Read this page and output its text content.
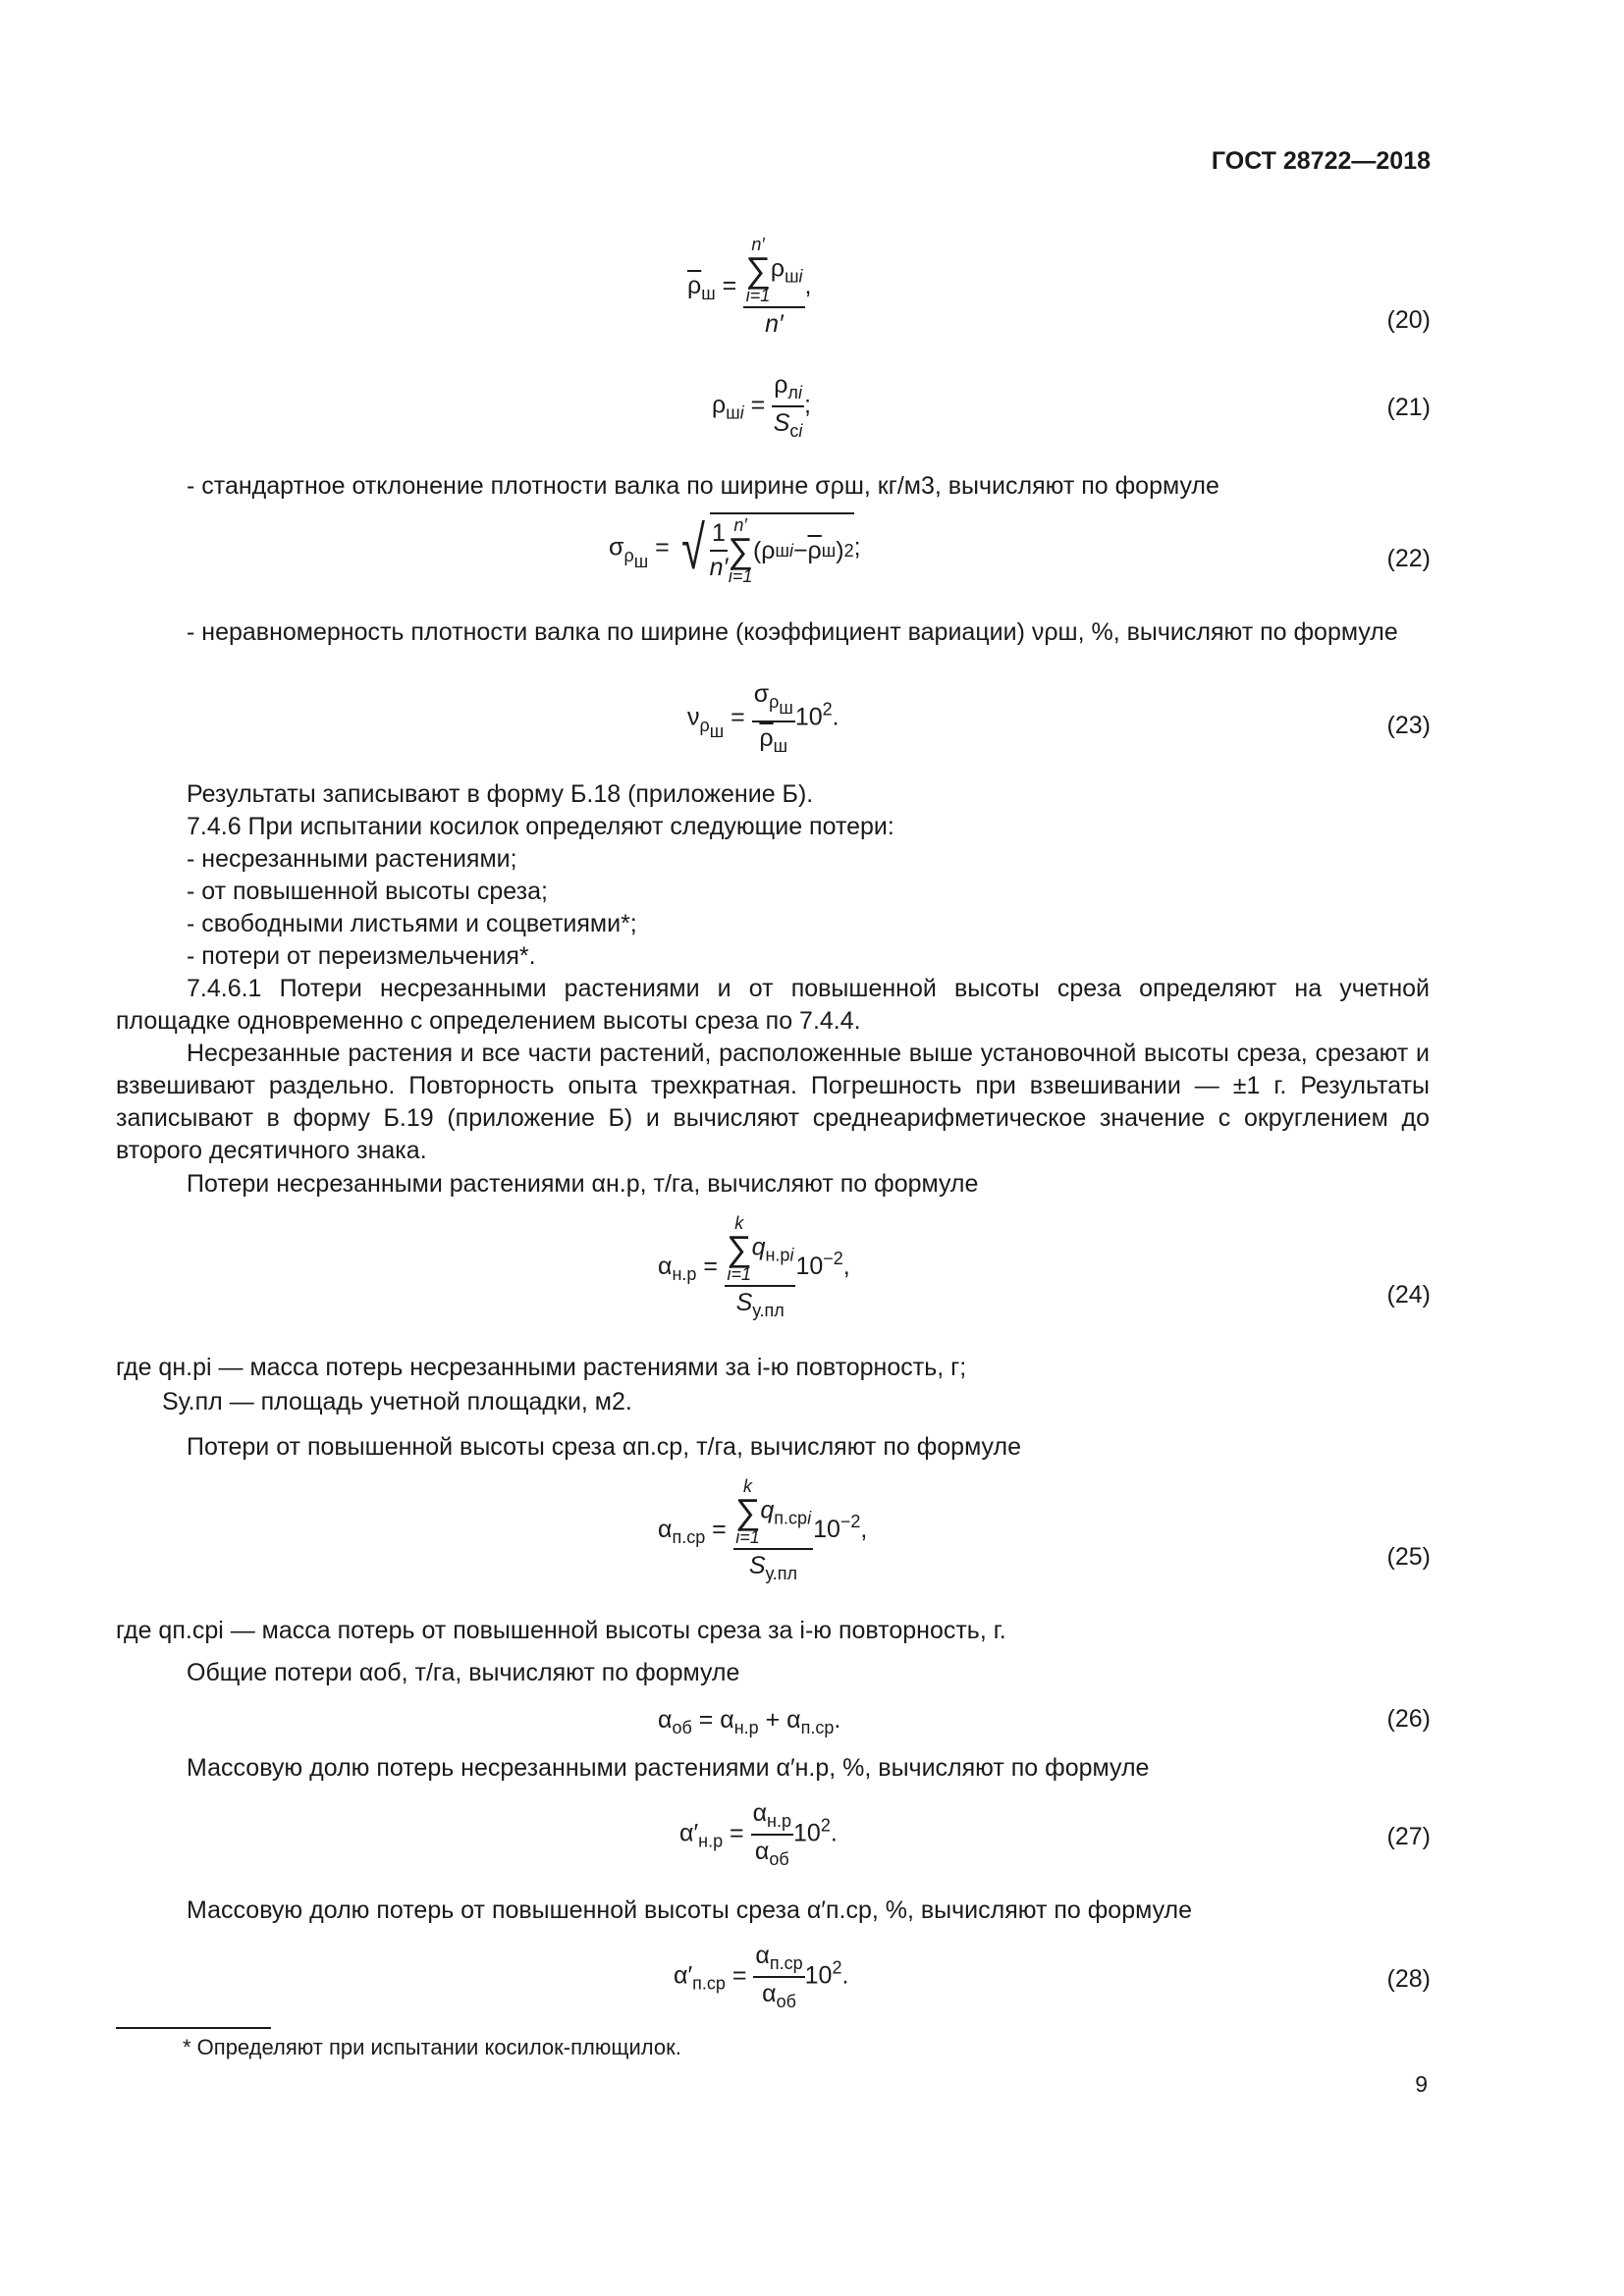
ГОСТ 28722—2018
$\overline{\rho}_ш = n'$
∑
i=1
$\rho_{шi}$
n′ ,
(20)
$\rho_{шi} = \frac{\rho_{лi}}{S_{сi}}$ ;	(21)
- стандартное отклонение плотности валка по ширине σρш, кг/м3, вычисляют по формуле
$\sigma_{\rho_ш}$ = √ $\frac{1}{n'} n'$
∑
i=1
(ρ шi − $\overline{\rho}$ ш ) 2 ;	(22)
- неравномерность плотности валка по ширине (коэффициент вариации) νρш, %, вычисляют по формуле
$\nu_{\rho_ш} = \frac{\sigma_{\rho_ш}}{\overline{\rho}_ш} 10^2$.	(23)
Результаты записывают в форму Б.18 (приложение Б).
7.4.6 При испытании косилок определяют следующие потери:
- несрезанными растениями;
- от повышенной высоты среза;
- свободными листьями и соцветиями*;
- потери от переизмельчения*.
7.4.6.1 Потери несрезанными растениями и от повышенной высоты среза определяют на учетной площадке одновременно с определением высоты среза по 7.4.4.
Несрезанные растения и все части растений, расположенные выше установочной высоты среза, срезают и взвешивают раздельно. Повторность опыта трехкратная. Погрешность при взвешивании — ±1 г. Результаты записывают в форму Б.19 (приложение Б) и вычисляют среднеарифметическое значение с округлением до второго десятичного знака.
Потери несрезанными растениями αн.р, т/га, вычисляют по формуле
$\alpha_{н.р} = k$
∑
i=1
$q_{н.рi}$
$S_{у.пл}$ $10^{-2}$,
(24)
где qн.рi — масса потерь несрезанными растениями за i-ю повторность, г;
Sу.пл — площадь учетной площадки, м2.
Потери от повышенной высоты среза αп.ср, т/га, вычисляют по формуле
$\alpha_{п.ср} = k$
∑
i=1
$q_{п.срi}$
$S_{у.пл}$ $10^{-2}$,
(25)
где qп.срi — масса потерь от повышенной высоты среза за i-ю повторность, г.
Общие потери αоб, т/га, вычисляют по формуле
$\alpha_{об} = \alpha_{н.р} + \alpha_{п.ср}$.	(26)
Массовую долю потерь несрезанными растениями α′н.р, %, вычисляют по формуле
$\alpha'_{н.р} = \frac{\alpha_{н.р}}{\alpha_{об}} 10^2$.	(27)
Массовую долю потерь от повышенной высоты среза α′п.ср, %, вычисляют по формуле
$\alpha'_{п.ср} = \frac{\alpha_{п.ср}}{\alpha_{об}} 10^2$.	(28)
* Определяют при испытании косилок-плющилок.
9
